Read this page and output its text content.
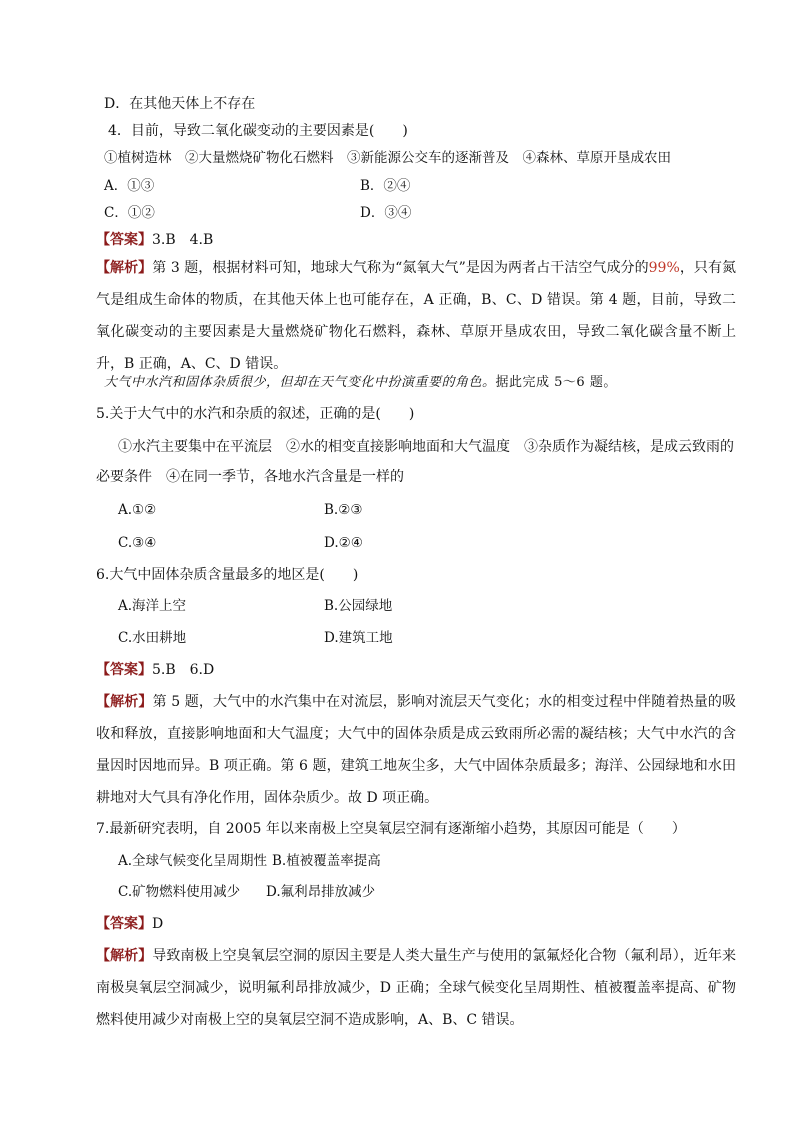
D．在其他天体上不存在
4．目前，导致二氧化碳变动的主要因素是(　　)
①植树造林　②大量燃烧矿物化石燃料　③新能源公交车的逐渐普及　④森林、草原开垦成农田
A．①③	B．②④
C．①②	D．③④
【答案】3.B　4.B
【解析】第 3 题，根据材料可知，地球大气称为“氮氧大气”是因为两者占干洁空气成分的99%，只有氮气是组成生命体的物质，在其他天体上也可能存在，A 正确，B、C、D 错误。第 4 题，目前，导致二氧化碳变动的主要因素是大量燃烧矿物化石燃料，森林、草原开垦成农田，导致二氧化碳含量不断上升，B 正确，A、C、D 错误。
大气中水汽和固体杂质很少，但却在天气变化中扮演重要的角色。据此完成 5～6 题。
5.关于大气中的水汽和杂质的叙述，正确的是(　　)
①水汽主要集中在平流层　②水的相变直接影响地面和大气温度　③杂质作为凝结核，是成云致雨的
必要条件　④在同一季节，各地水汽含量是一样的
A.①②	B.②③
C.③④	D.②④
6.大气中固体杂质含量最多的地区是(　　)
A.海洋上空	B.公园绿地
C.水田耕地	D.建筑工地
【答案】5.B　6.D
【解析】第 5 题，大气中的水汽集中在对流层，影响对流层天气变化；水的相变过程中伴随着热量的吸收和释放，直接影响地面和大气温度；大气中的固体杂质是成云致雨所必需的凝结核；大气中水汽的含量因时因地而异。B 项正确。第 6 题，建筑工地灰尘多，大气中固体杂质最多；海洋、公园绿地和水田耕地对大气具有净化作用，固体杂质少。故 D 项正确。
7.最新研究表明，自 2005 年以来南极上空臭氧层空洞有逐渐缩小趋势，其原因可能是（　　）
A.全球气候变化呈周期性 B.植被覆盖率提高
C.矿物燃料使用减少 D.氟利昂排放减少
【答案】D
【解析】导致南极上空臭氧层空洞的原因主要是人类大量生产与使用的氯氟烃化合物（氟利昂），近年来南极臭氧层空洞减少，说明氟利昂排放减少，D 正确；全球气候变化呈周期性、植被覆盖率提高、矿物燃料使用减少对南极上空的臭氧层空洞不造成影响，A、B、C 错误。
